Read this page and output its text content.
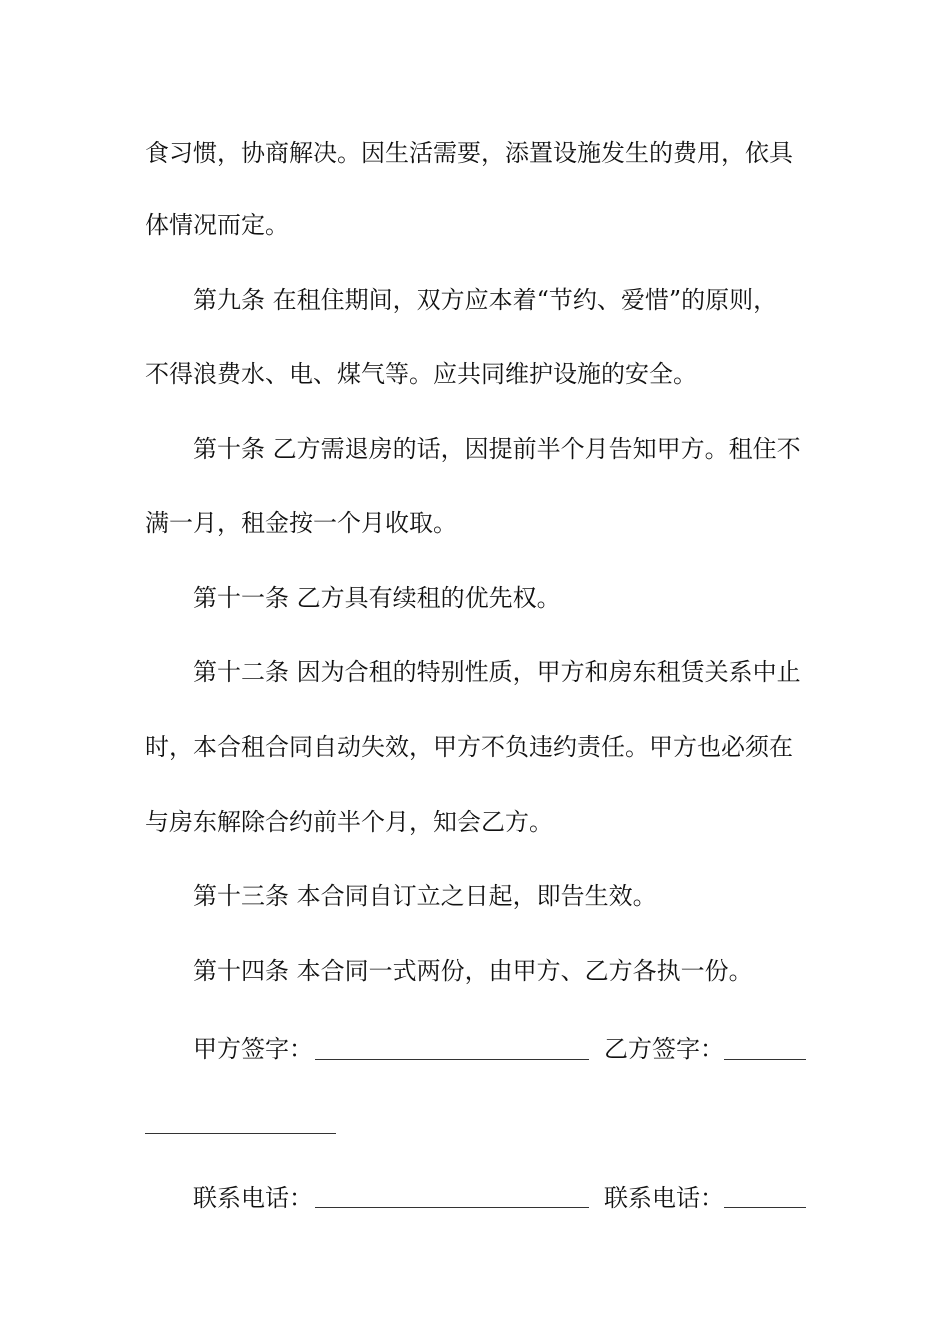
食习惯，协商解决。因生活需要，添置设施发生的费用，依具
体情况而定。
第九条 在租住期间，双方应本着“节约、爱惜”的原则，
不得浪费水、电、煤气等。应共同维护设施的安全。
第十条 乙方需退房的话，因提前半个月告知甲方。租住不
满一月，租金按一个月收取。
第十一条 乙方具有续租的优先权。
第十二条 因为合租的特别性质，甲方和房东租赁关系中止
时，本合租合同自动失效，甲方不负违约责任。甲方也必须在
与房东解除合约前半个月，知会乙方。
第十三条 本合同自订立之日起，即告生效。
第十四条 本合同一式两份，由甲方、乙方各执一份。
甲方签字：	乙方签字：
联系电话：	联系电话：
